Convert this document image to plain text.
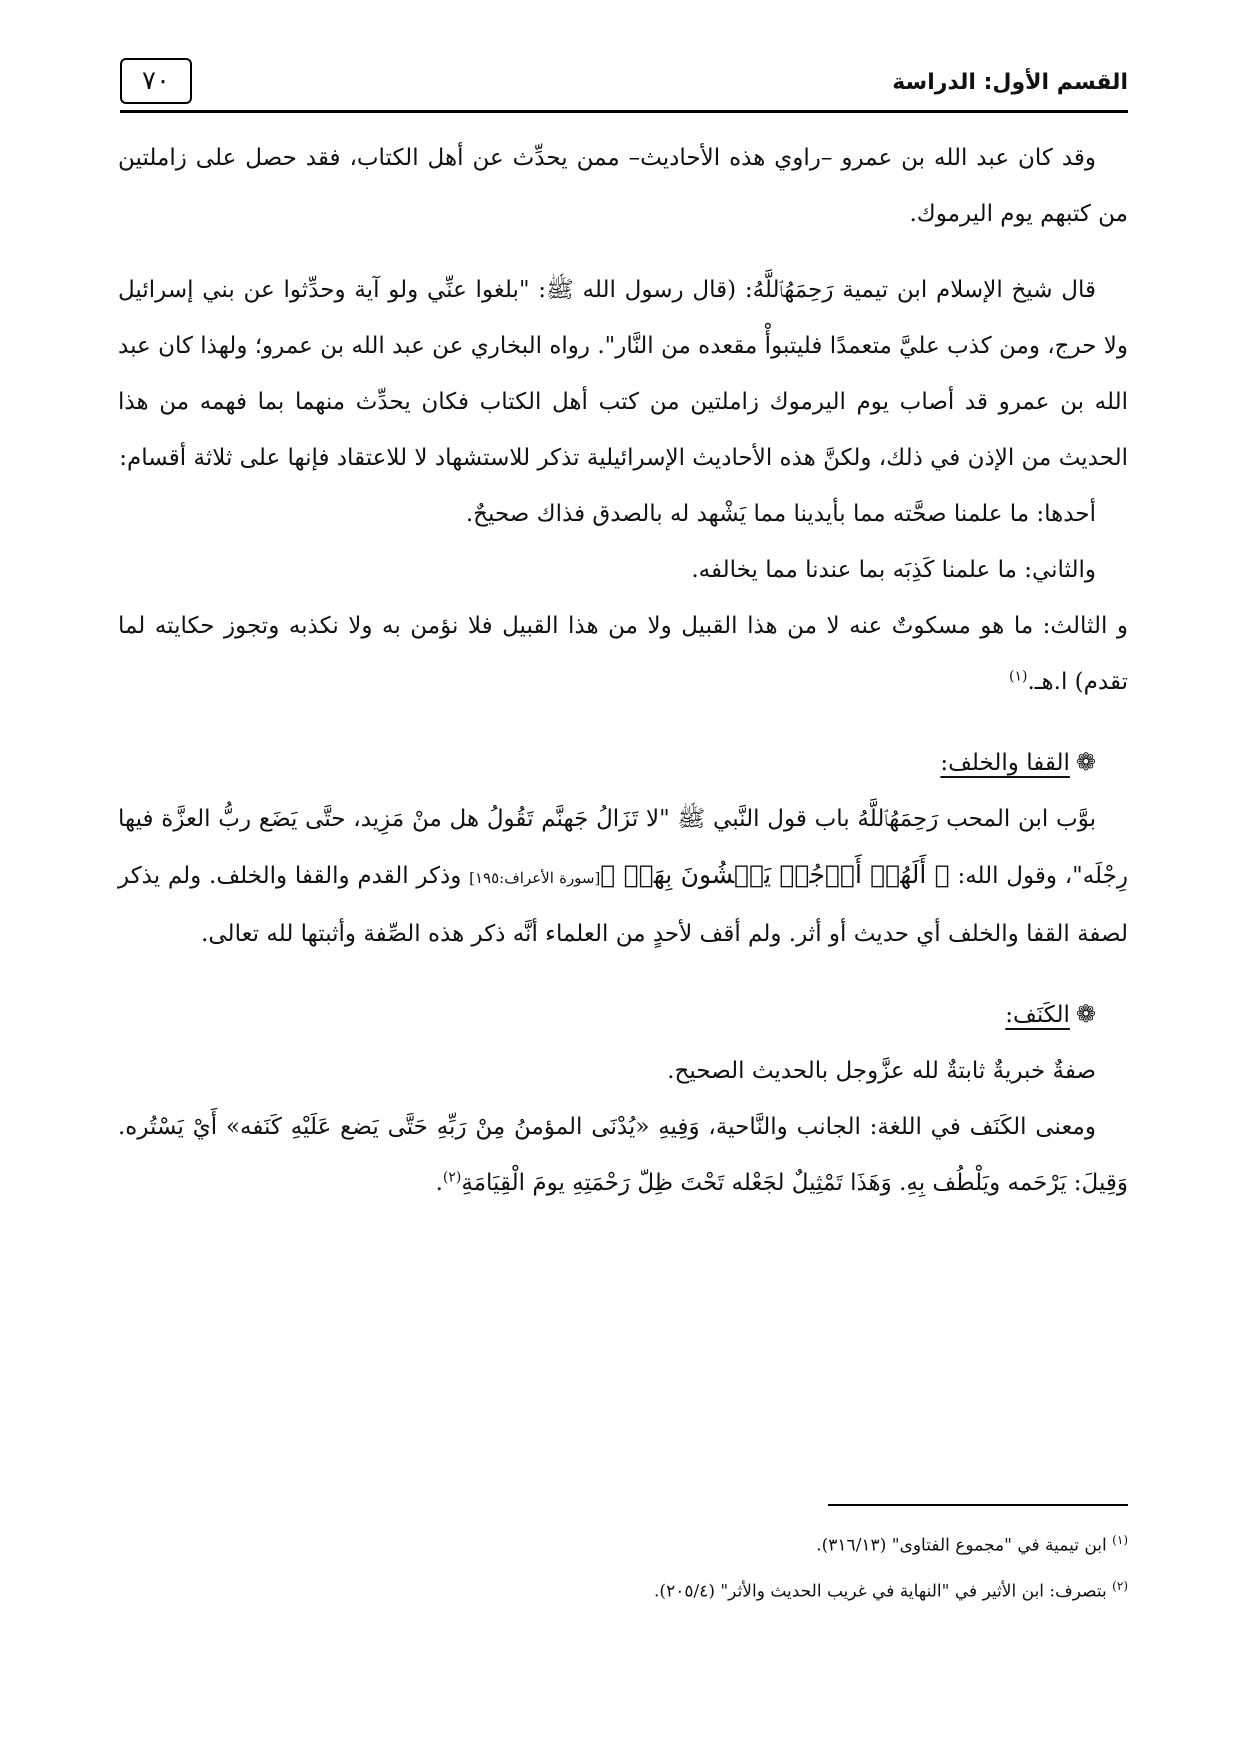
٧٠	القسم الأول: الدراسة

وقد كان عبد الله بن عمرو –راوي هذه الأحاديث– ممن يحدِّث عن أهل الكتاب، فقد حصل على زاملتين من كتبهم يوم اليرموك.

قال شيخ الإسلام ابن تيمية رَحِمَهُٱللَّهُ: (قال رسول الله ﷺ: "بلغوا عنِّي ولو آية وحدِّثوا عن بني إسرائيل ولا حرج، ومن كذب عليَّ متعمدًا فليتبوأْ مقعده من النَّار". رواه البخاري عن عبد الله بن عمرو؛ ولهذا كان عبد الله بن عمرو قد أصاب يوم اليرموك زاملتين من كتب أهل الكتاب فكان يحدِّث منهما بما فهمه من هذا الحديث من الإذن في ذلك، ولكنَّ هذه الأحاديث الإسرائيلية تذكر للاستشهاد لا للاعتقاد فإنها على ثلاثة أقسام:

أحدها: ما علمنا صحَّته مما بأيدينا مما يَشْهد له بالصدق فذاك صحيحٌ.

والثاني: ما علمنا كَذِبَه بما عندنا مما يخالفه.

و الثالث: ما هو مسكوتٌ عنه لا من هذا القبيل ولا من هذا القبيل فلا نؤمن به ولا نكذبه وتجوز حكايته لما تقدم) ا.هـ.$^{(١)}$

❁القفا والخلف:

بوَّب ابن المحب رَحِمَهُٱللَّهُ باب قول النَّبي ﷺ "لا تَزَالُ جَهنَّم تَقُولُ هل منْ مَزِيد، حتَّى يَضَع ربُّ العزَّة فيها رِجْلَه"، وقول الله: ﴿ أَلَهُمۡ أَرۡجُلٞ يَمۡشُونَ بِهَآۖ ﴾[سورة الأعراف:١٩٥] وذكر القدم والقفا والخلف. ولم يذكر لصفة القفا والخلف أي حديث أو أثر. ولم أقف لأحدٍ من العلماء أنَّه ذكر هذه الصِّفة وأثبتها لله تعالى.

❁الكَنَف:

صفةٌ خبريةٌ ثابتةٌ لله عزَّوجل بالحديث الصحيح.

ومعنى الكَنَف في اللغة: الجانب والنَّاحية، وَفِيهِ «يُدْنَى المؤمنُ مِنْ رَبِّهِ حَتَّى يَضع عَلَيْهِ كَنَفه» أَيْ يَسْتُره. وَقِيلَ: يَرْحَمه ويَلْطُف بِهِ. وَهَذَا تَمْثِيلٌ لجَعْله تَحْتَ ظِلّ رَحْمَتِهِ يومَ الْقِيَامَةِ$^{(٢)}$.

$^{(١)}$ ابن تيمية في "مجموع الفتاوى" (٣١٦/١٣).

$^{(٢)}$ بتصرف: ابن الأثير في "النهاية في غريب الحديث والأثر" (٢٠٥/٤).
